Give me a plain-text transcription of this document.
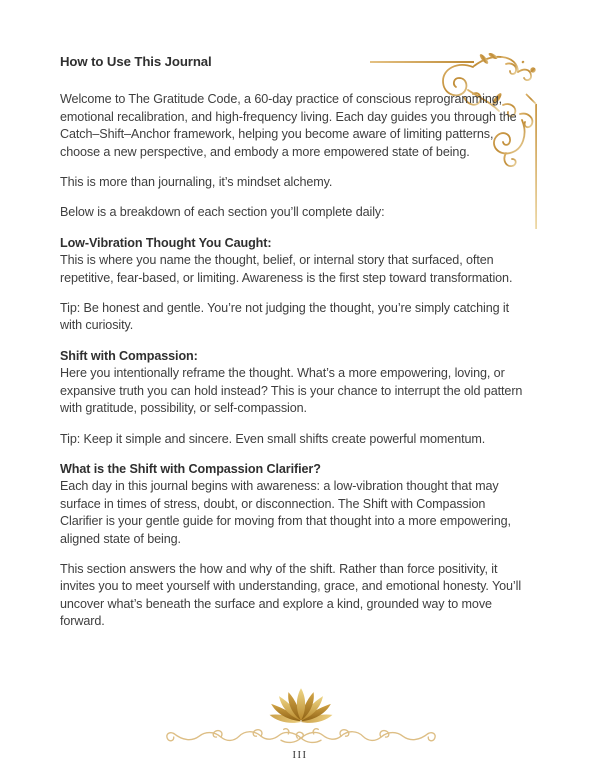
How to Use This Journal

Welcome to The Gratitude Code, a 60-day practice of conscious reprogramming, emotional recalibration, and high-frequency living. Each day guides you through the Catch–Shift–Anchor framework, helping you become aware of limiting patterns, choose a new perspective, and embody a more empowered state of being.

This is more than journaling, it’s mindset alchemy.

Below is a breakdown of each section you’ll complete daily:

Low-Vibration Thought You Caught:

This is where you name the thought, belief, or internal story that surfaced, often repetitive, fear-based, or limiting. Awareness is the first step toward transformation.

Tip: Be honest and gentle. You’re not judging the thought, you’re simply catching it with curiosity.

Shift with Compassion:

Here you intentionally reframe the thought. What’s a more empowering, loving, or expansive truth you can hold instead? This is your chance to interrupt the old pattern with gratitude, possibility, or self-compassion.

Tip: Keep it simple and sincere. Even small shifts create powerful momentum.

What is the Shift with Compassion Clarifier?

Each day in this journal begins with awareness: a low-vibration thought that may surface in times of stress, doubt, or disconnection. The Shift with Compassion Clarifier is your gentle guide for moving from that thought into a more empowering, aligned state of being.

This section answers the how and why of the shift. Rather than force positivity, it invites you to meet yourself with understanding, grace, and emotional honesty. You’ll uncover what’s beneath the surface and explore a kind, grounded way to move forward.

III
